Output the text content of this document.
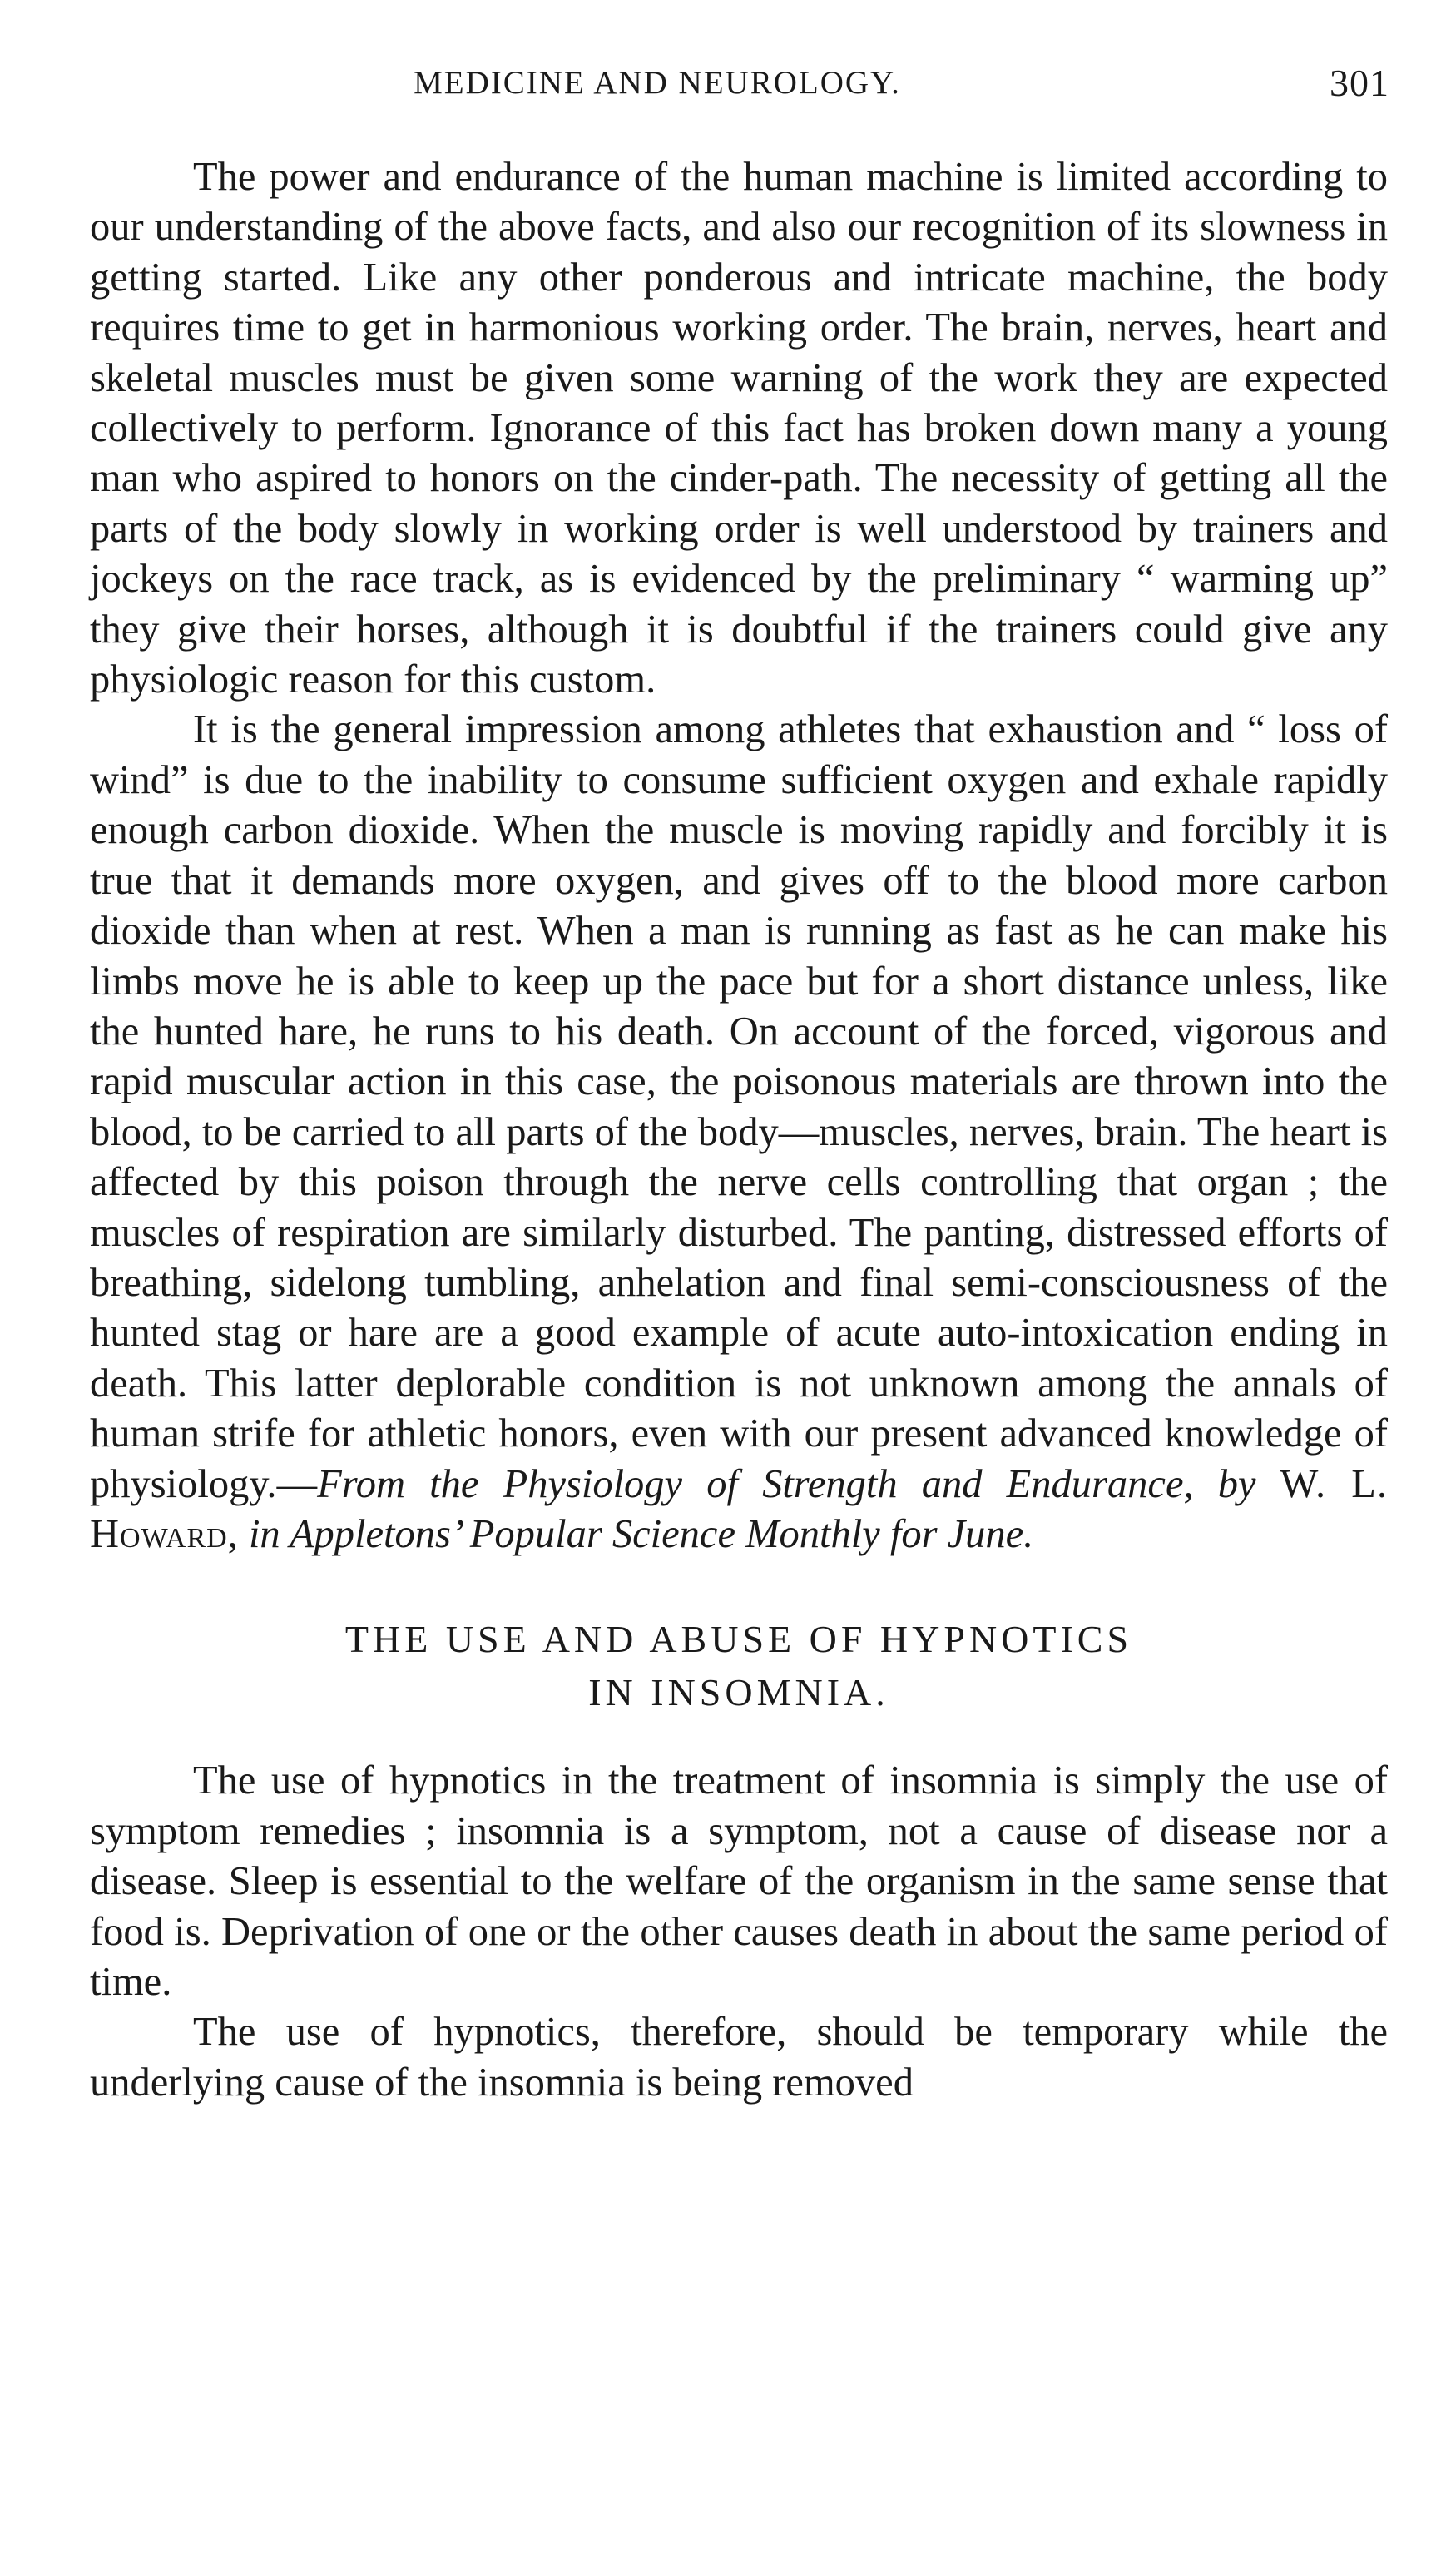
MEDICINE AND NEUROLOGY.	301

The power and endurance of the human machine is limited according to our understanding of the above facts, and also our recognition of its slowness in getting started. Like any other ponderous and intricate machine, the body requires time to get in harmonious working order. The brain, nerves, heart and skeletal muscles must be given some warning of the work they are expected collectively to perform. Ignorance of this fact has broken down many a young man who aspired to honors on the cinder-path. The necessity of getting all the parts of the body slowly in working order is well understood by trainers and jockeys on the race track, as is evidenced by the preliminary “ warming up” they give their horses, although it is doubtful if the trainers could give any physiologic reason for this custom.

It is the general impression among athletes that exhaustion and “ loss of wind” is due to the inability to consume sufficient oxygen and exhale rapidly enough carbon dioxide. When the muscle is moving rapidly and forcibly it is true that it demands more oxygen, and gives off to the blood more carbon dioxide than when at rest. When a man is running as fast as he can make his limbs move he is able to keep up the pace but for a short distance unless, like the hunted hare, he runs to his death. On account of the forced, vigorous and rapid muscular action in this case, the poisonous materials are thrown into the blood, to be carried to all parts of the body—muscles, nerves, brain. The heart is affected by this poison through the nerve cells controlling that organ ; the muscles of respiration are similarly disturbed. The panting, distressed efforts of breathing, sidelong tumbling, anhelation and final semi-consciousness of the hunted stag or hare are a good example of acute auto-intoxication ending in death. This latter deplorable condition is not unknown among the annals of human strife for athletic honors, even with our present advanced knowledge of physiology.—From the Physiology of Strength and Endurance, by W. L. Howard, in Appletons’ Popular Science Monthly for June.

THE USE AND ABUSE OF HYPNOTICS
IN INSOMNIA.

The use of hypnotics in the treatment of insomnia is simply the use of symptom remedies ; insomnia is a symptom, not a cause of disease nor a disease. Sleep is essential to the welfare of the organism in the same sense that food is. Deprivation of one or the other causes death in about the same period of time.

The use of hypnotics, therefore, should be temporary while the underlying cause of the insomnia is being removed
